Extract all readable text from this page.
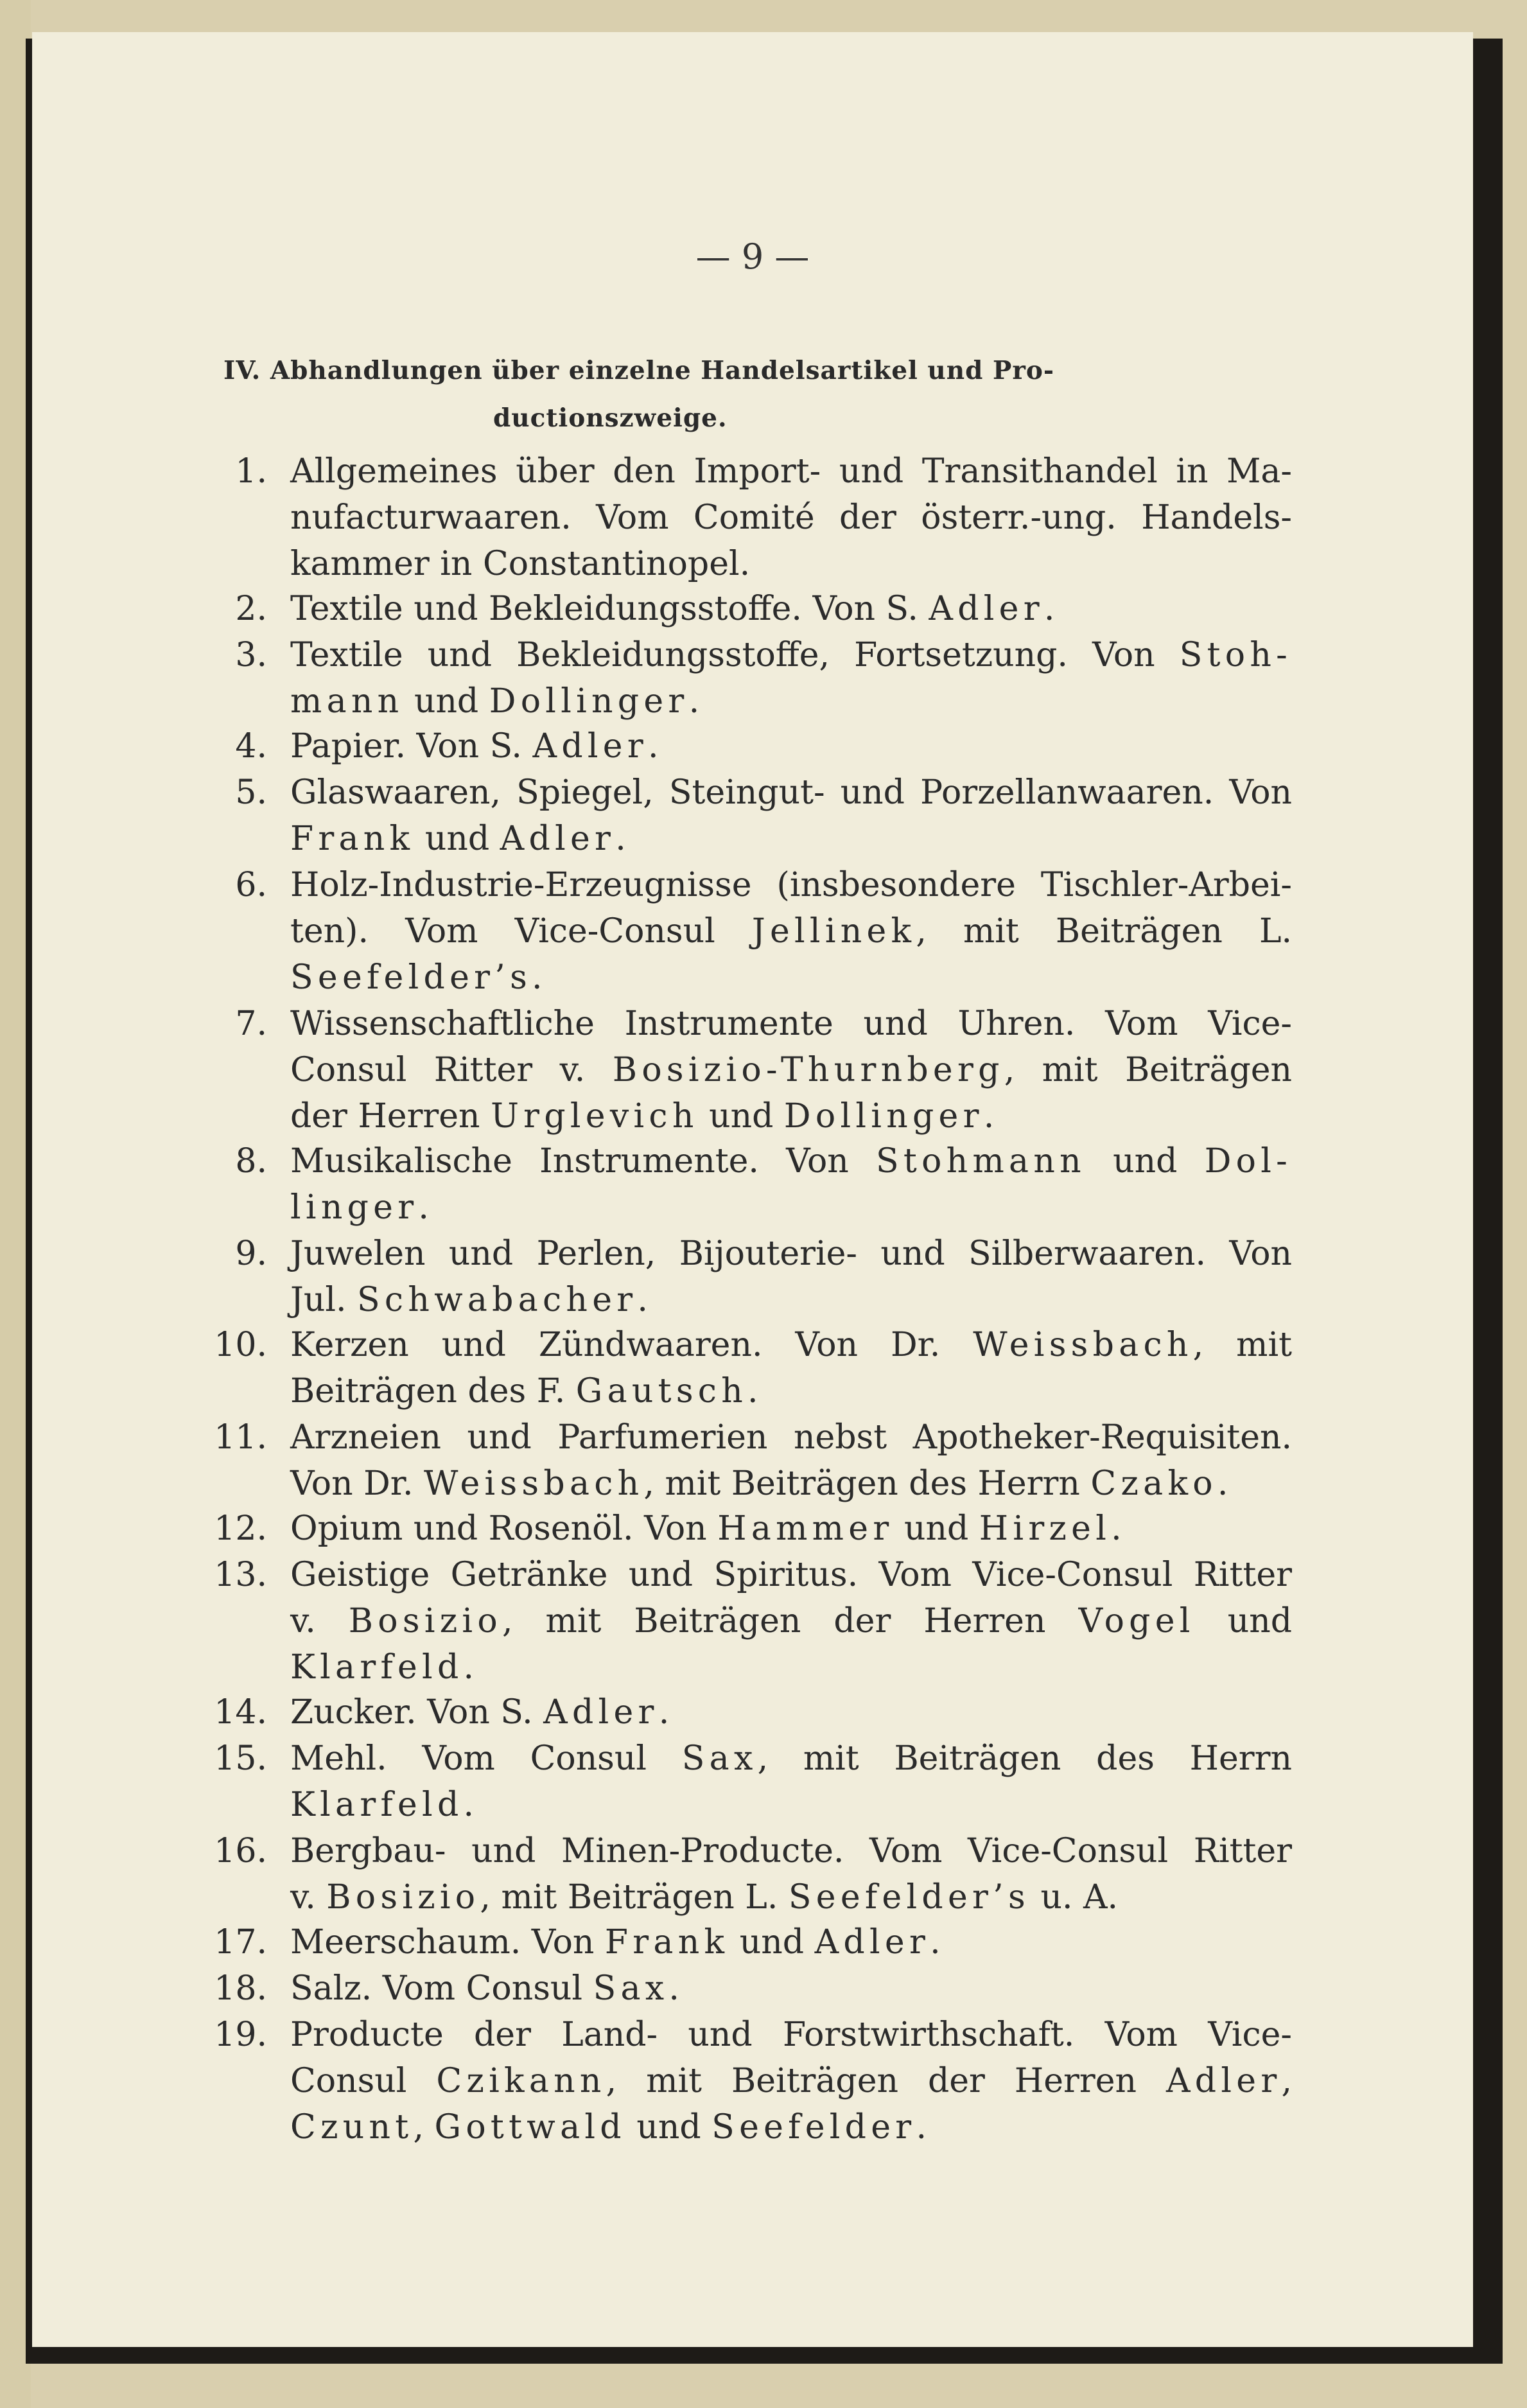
— 9 —
IV. Abhandlungen über einzelne Handelsartikel und Pro-
ductionszweige.
1. Allgemeines über den Import- und Transithandel in Ma-
nufacturwaaren. Vom Comité der österr.-ung. Handels-
kammer in Constantinopel.
2. Textile und Bekleidungsstoffe. Von S. Adler.
3. Textile und Bekleidungsstoffe, Fortsetzung. Von Stoh-
mann und Dollinger.
4. Papier. Von S. Adler.
5. Glaswaaren, Spiegel, Steingut- und Porzellanwaaren. Von
Frank und Adler.
6. Holz-Industrie-Erzeugnisse (insbesondere Tischler-Arbei-
ten). Vom Vice-Consul Jellinek, mit Beiträgen L.
Seefelder’s.
7. Wissenschaftliche Instrumente und Uhren. Vom Vice-
Consul Ritter v. Bosizio-Thurnberg, mit Beiträgen
der Herren Urglevich und Dollinger.
8. Musikalische Instrumente. Von Stohmann und Dol-
linger.
9. Juwelen und Perlen, Bijouterie- und Silberwaaren. Von
Jul. Schwabacher.
10. Kerzen und Zündwaaren. Von Dr. Weissbach, mit
Beiträgen des F. Gautsch.
11. Arzneien und Parfumerien nebst Apotheker-Requisiten.
Von Dr. Weissbach, mit Beiträgen des Herrn Czako.
12. Opium und Rosenöl. Von Hammer und Hirzel.
13. Geistige Getränke und Spiritus. Vom Vice-Consul Ritter
v. Bosizio, mit Beiträgen der Herren Vogel und
Klarfeld.
14. Zucker. Von S. Adler.
15. Mehl. Vom Consul Sax, mit Beiträgen des Herrn
Klarfeld.
16. Bergbau- und Minen-Producte. Vom Vice-Consul Ritter
v. Bosizio, mit Beiträgen L. Seefelder’s u. A.
17. Meerschaum. Von Frank und Adler.
18. Salz. Vom Consul Sax.
19. Producte der Land- und Forstwirthschaft. Vom Vice-
Consul Czikann, mit Beiträgen der Herren Adler,
Czunt, Gottwald und Seefelder.
